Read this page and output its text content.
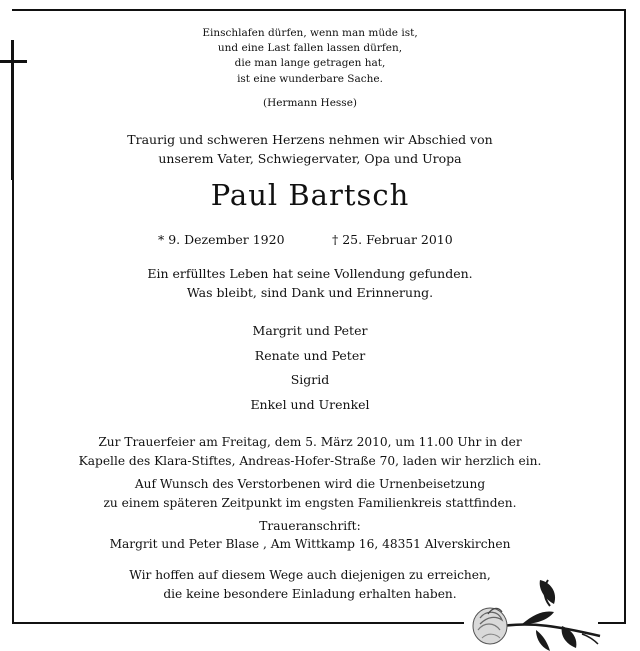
Einschlafen dürfen, wenn man müde ist,
und eine Last fallen lassen dürfen,
die man lange getragen hat,
ist eine wunderbare Sache.
(Hermann Hesse)
Traurig und schweren Herzens nehmen wir Abschied von
unserem Vater, Schwiegervater, Opa und Uropa
Paul Bartsch
* 9. Dezember 1920	† 25. Februar 2010
Ein erfülltes Leben hat seine Vollendung gefunden.
Was bleibt, sind Dank und Erinnerung.
Margrit und Peter
Renate und Peter
Sigrid
Enkel und Urenkel
Zur Trauerfeier am Freitag, dem 5. März 2010, um 11.00 Uhr in der
Kapelle des Klara-Stiftes, Andreas-Hofer-Straße 70, laden wir herzlich ein.
Auf Wunsch des Verstorbenen wird die Urnenbeisetzung
zu einem späteren Zeitpunkt im engsten Familienkreis stattfinden.
Traueranschrift:
Margrit und Peter Blase , Am Wittkamp 16, 48351 Alverskirchen
Wir hoffen auf diesem Wege auch diejenigen zu erreichen,
die keine besondere Einladung erhalten haben.
